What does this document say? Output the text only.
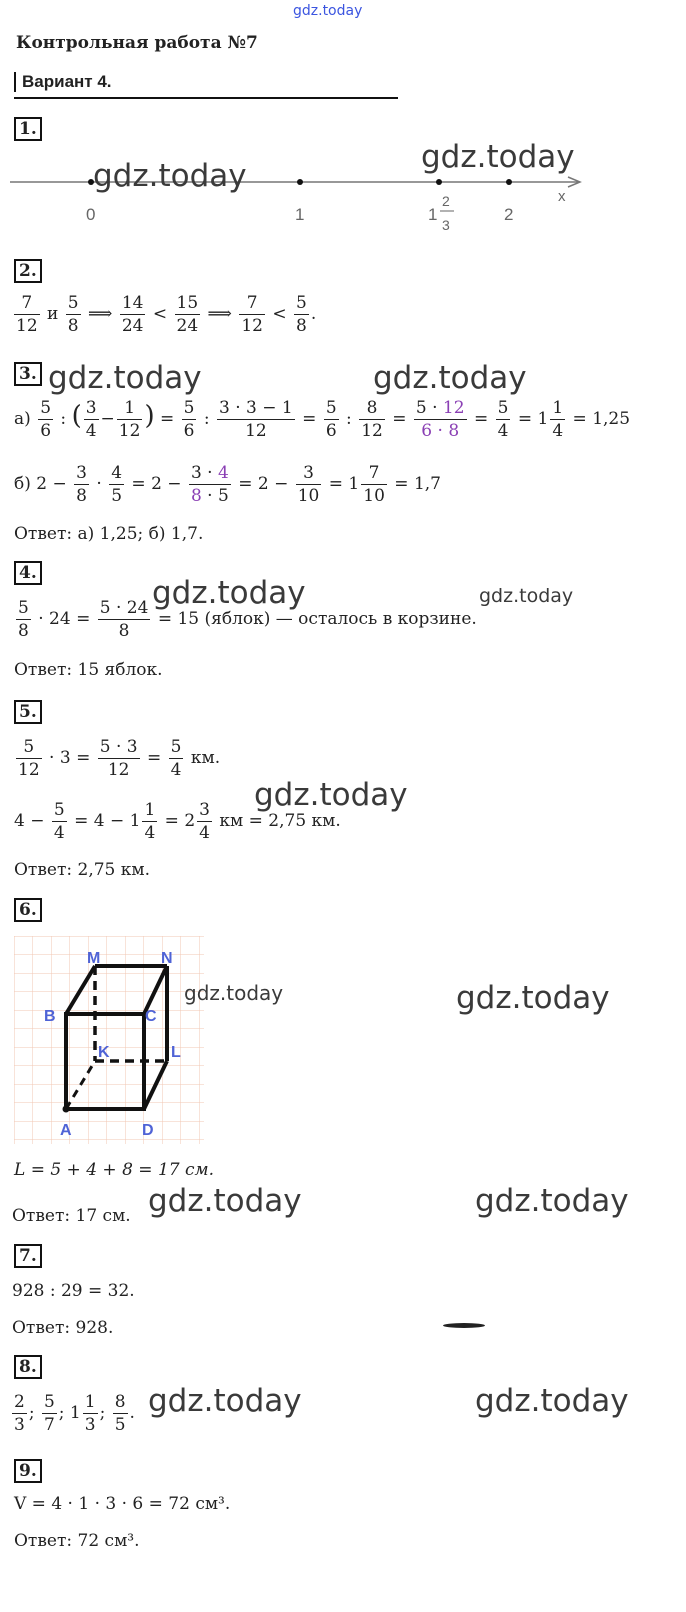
gdz.today
Контрольная работа №7
Вариант 4.
1.
0	1	1
2
3
2
x
gdz.today
gdz.today
2.
$\frac{7}{12}$ и $\frac{5}{8}$ ⟹ $\frac{14}{24} < \frac{15}{24}$ ⟹ $\frac{7}{12} < \frac{5}{8}$ .
3. gdz.today	gdz.today
$а) \frac{5}{6}$ : ( $\frac{3}{4} - \frac{1}{12}$ ) = $\frac{5}{6}$ : $\frac{3 \cdot 3 - 1}{12} = \frac{5}{6}$ : $\frac{8}{12} = \frac{5 \cdot 12}{6 \cdot 8} = \frac{5}{4} = 1 \frac{1}{4} = 1,25$
б) $2 - \frac{3}{8} \cdot \frac{4}{5} = 2 - \frac{3 \cdot 4}{8 \cdot 5} = 2 - \frac{3}{10} = 1 \frac{7}{10} = 1,7$
Ответ: а) 1,25; б) 1,7.
4.
gdz.today	gdz.today
$\frac{5}{8} \cdot 24 = \frac{5 \cdot 24}{8} = 15$ (яблок) — осталось в корзине.
Ответ: 15 яблок.
5.
$\frac{5}{12} \cdot 3 = \frac{5 \cdot 3}{12} = \frac{5}{4}$ км.
gdz.today
$4 - \frac{5}{4} = 4 - 1 \frac{1}{4} = 2 \frac{3}{4}$ км = 2,75 км.
Ответ: 2,75 км.
6.
M	N
B	C
K	L
A	D
gdz.today	gdz.today
L = 5 + 4 + 8 = 17 см.
Ответ: 17 см. gdz.today	gdz.today
7.
928 : 29 = 32.
Ответ: 928.
8.
$\frac{2}{3}$ ; $\frac{5}{7}$ ; $1 \frac{1}{3}$ ; $\frac{8}{5}$ . gdz.today	gdz.today
9.
V = 4 · 1 · 3 · 6 = 72 см³.
Ответ: 72 см³.
